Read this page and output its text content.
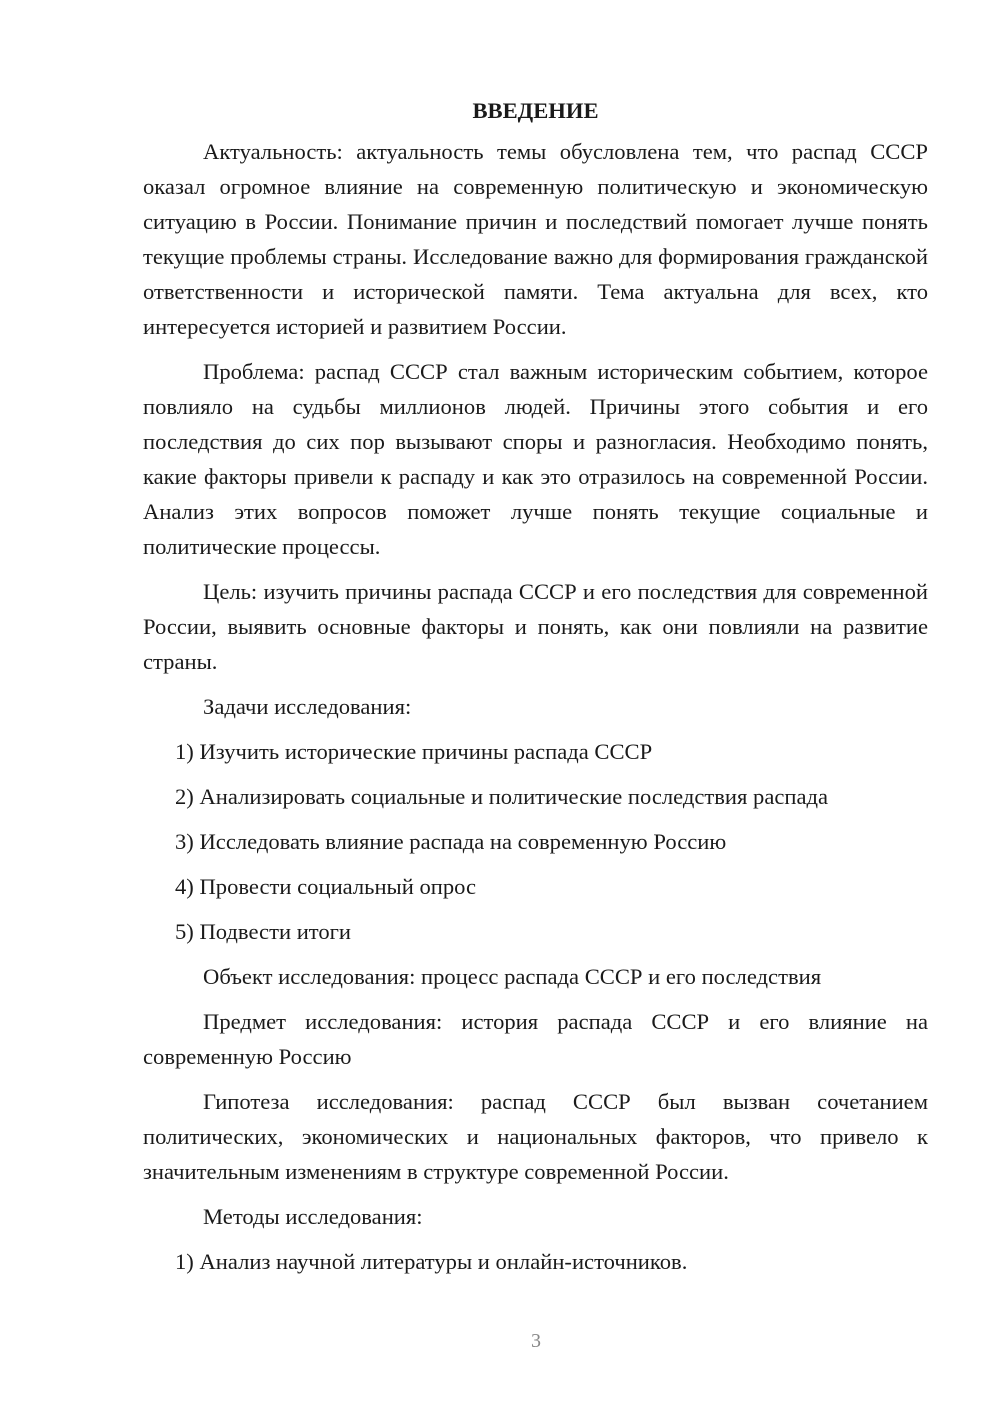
ВВЕДЕНИЕ

Актуальность: актуальность темы обусловлена тем, что распад СССР оказал огромное влияние на современную политическую и экономическую ситуацию в России. Понимание причин и последствий помогает лучше понять текущие проблемы страны. Исследование важно для формирования гражданской ответственности и исторической памяти. Тема актуальна для всех, кто интересуется историей и развитием России.

Проблема: распад СССР стал важным историческим событием, которое повлияло на судьбы миллионов людей. Причины этого события и его последствия до сих пор вызывают споры и разногласия. Необходимо понять, какие факторы привели к распаду и как это отразилось на современной России. Анализ этих вопросов поможет лучше понять текущие социальные и политические процессы.

Цель: изучить причины распада СССР и его последствия для современной России, выявить основные факторы и понять, как они повлияли на развитие страны.

Задачи исследования:

1) Изучить исторические причины распада СССР
2) Анализировать социальные и политические последствия распада
3) Исследовать влияние распада на современную Россию
4) Провести социальный опрос
5) Подвести итоги

Объект исследования: процесс распада СССР и его последствия

Предмет исследования: история распада СССР и его влияние на современную Россию

Гипотеза исследования: распад СССР был вызван сочетанием политических, экономических и национальных факторов, что привело к значительным изменениям в структуре современной России.

Методы исследования:

1) Анализ научной литературы и онлайн-источников.
3
